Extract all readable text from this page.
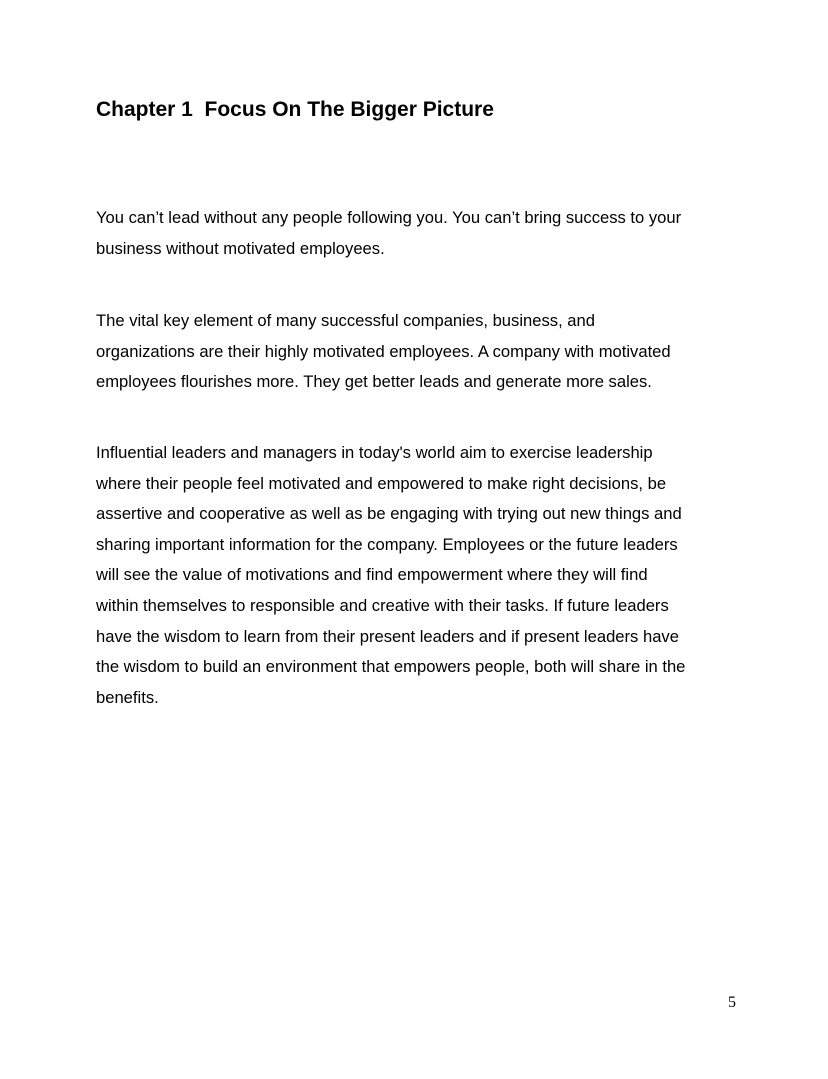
Chapter 1  Focus On The Bigger Picture

You can’t lead without any people following you. You can’t bring success to your
business without motivated employees.

The vital key element of many successful companies, business, and
organizations are their highly motivated employees. A company with motivated
employees flourishes more. They get better leads and generate more sales.

Influential leaders and managers in today's world aim to exercise leadership
where their people feel motivated and empowered to make right decisions, be
assertive and cooperative as well as be engaging with trying out new things and
sharing important information for the company. Employees or the future leaders
will see the value of motivations and find empowerment where they will find
within themselves to responsible and creative with their tasks. If future leaders
have the wisdom to learn from their present leaders and if present leaders have
the wisdom to build an environment that empowers people, both will share in the
benefits.

5
